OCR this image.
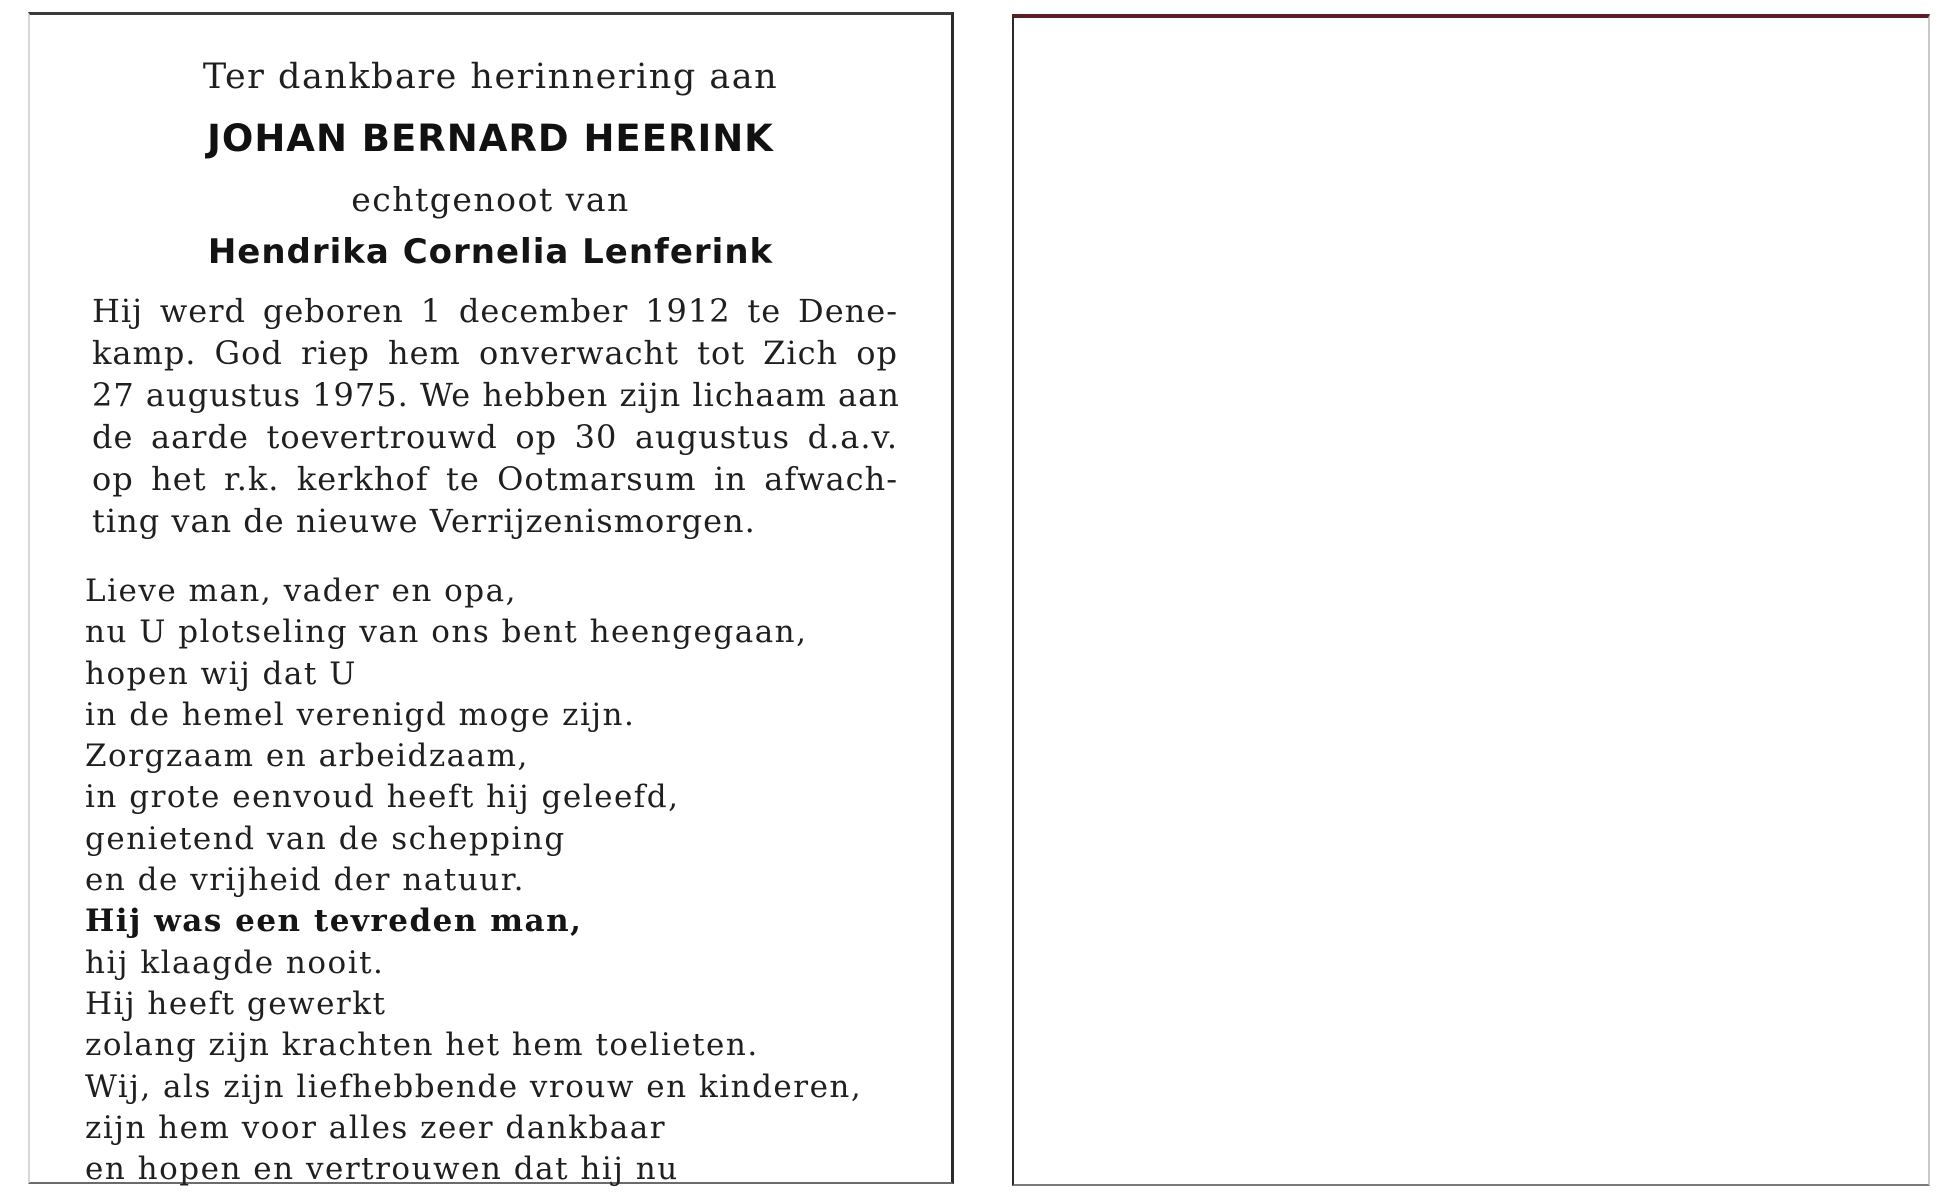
Ter dankbare herinnering aan
JOHAN BERNARD HEERINK
echtgenoot van
Hendrika Cornelia Lenferink
Hij werd geboren 1 december 1912 te Dene-
kamp. God riep hem onverwacht tot Zich op
27 augustus 1975. We hebben zijn lichaam aan
de aarde toevertrouwd op 30 augustus d.a.v.
op het r.k. kerkhof te Ootmarsum in afwach-
ting van de nieuwe Verrijzenismorgen.
Lieve man, vader en opa,
nu U plotseling van ons bent heengegaan,
hopen wij dat U
in de hemel verenigd moge zijn.
Zorgzaam en arbeidzaam,
in grote eenvoud heeft hij geleefd,
genietend van de schepping
en de vrijheid der natuur.
Hij was een tevreden man,
hij klaagde nooit.
Hij heeft gewerkt
zolang zijn krachten het hem toelieten.
Wij, als zijn liefhebbende vrouw en kinderen,
zijn hem voor alles zeer dankbaar
en hopen en vertrouwen dat hij nu
